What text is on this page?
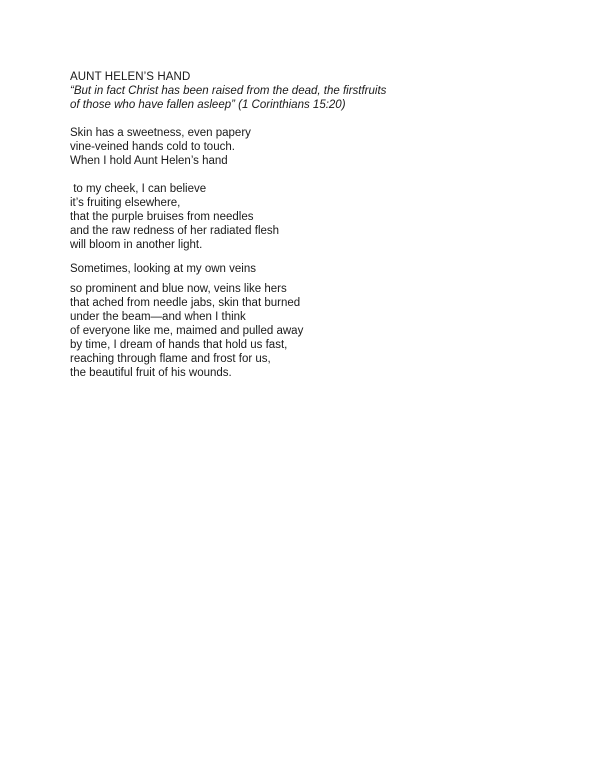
AUNT HELEN’S HAND
“But in fact Christ has been raised from the dead, the firstfruits
of those who have fallen asleep” (1 Corinthians 15:20)
Skin has a sweetness, even papery
vine-veined hands cold to touch.
When I hold Aunt Helen’s hand
to my cheek, I can believe
it’s fruiting elsewhere,
that the purple bruises from needles
and the raw redness of her radiated flesh
will bloom in another light.
Sometimes, looking at my own veins
so prominent and blue now, veins like hers
that ached from needle jabs, skin that burned
under the beam—and when I think
of everyone like me, maimed and pulled away
by time, I dream of hands that hold us fast,
reaching through flame and frost for us,
the beautiful fruit of his wounds.
